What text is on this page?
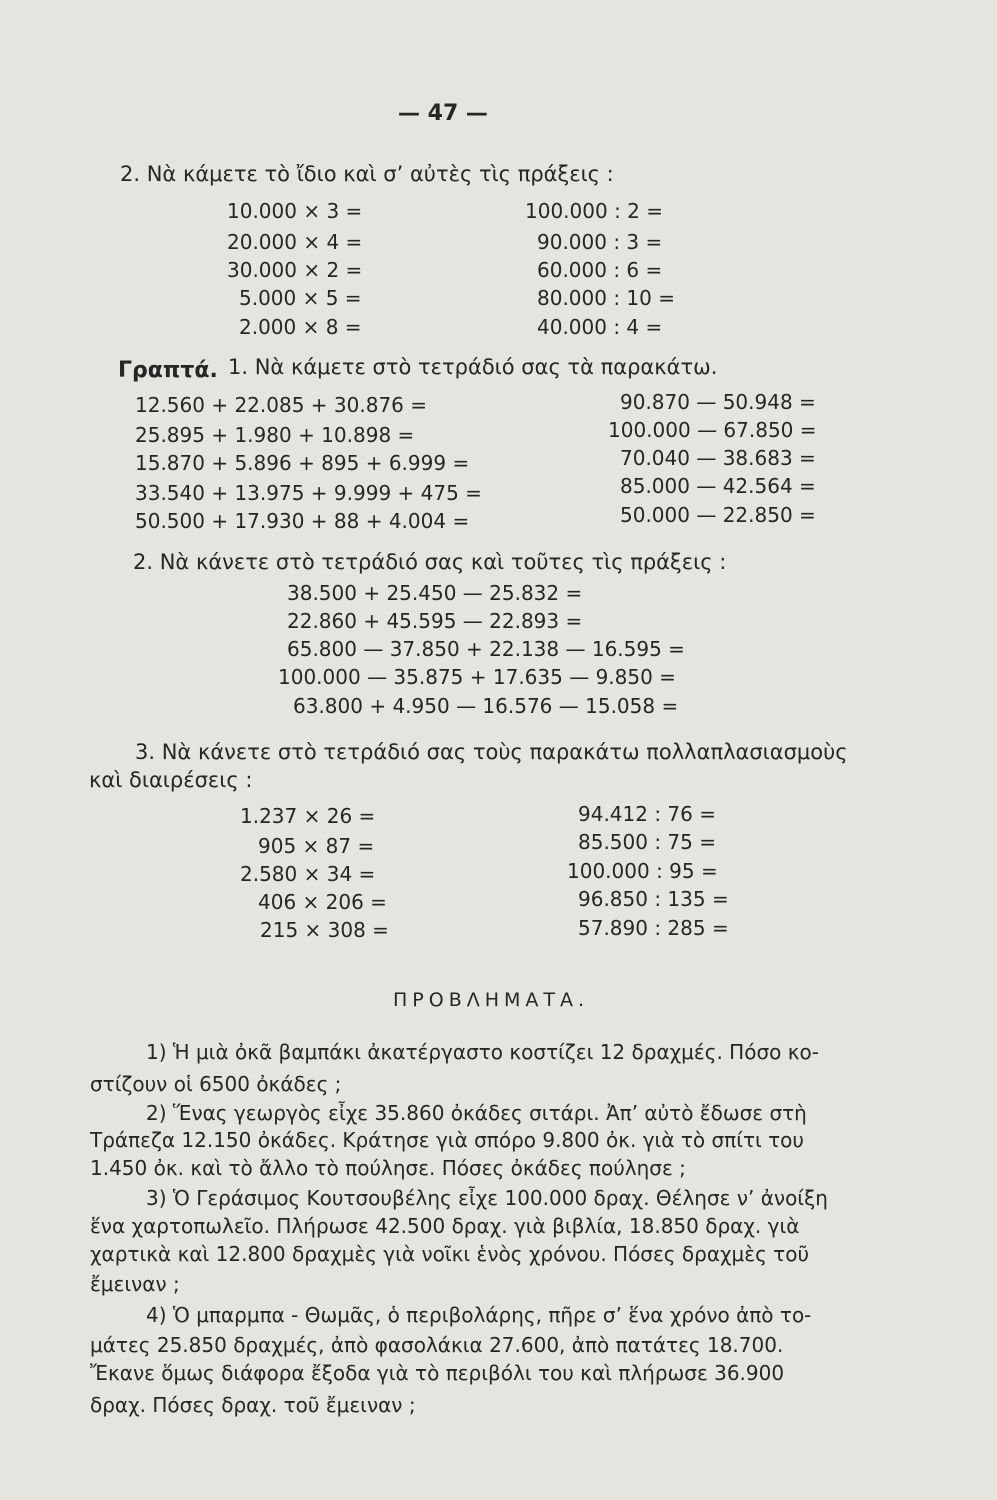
— 47 —
2. Νὰ κάμετε τὸ ἴδιο καὶ σ’ αὐτὲς τὶς πράξεις :
10.000 × 3 =
20.000 × 4 =
30.000 × 2 =
5.000 × 5 =
2.000 × 8 =
100.000 : 2 =
90.000 : 3 =
60.000 : 6 =
80.000 : 10 =
40.000 : 4 =
Γραπτά. 1. Νὰ κάμετε στὸ τετράδιό σας τὰ παρακάτω.
12.560 + 22.085 + 30.876 =
25.895 + 1.980 + 10.898 =
15.870 + 5.896 + 895 + 6.999 =
33.540 + 13.975 + 9.999 + 475 =
50.500 + 17.930 + 88 + 4.004 =
90.870 — 50.948 =
100.000 — 67.850 =
70.040 — 38.683 =
85.000 — 42.564 =
50.000 — 22.850 =
2. Νὰ κάνετε στὸ τετράδιό σας καὶ τοῦτες τὶς πράξεις :
38.500 + 25.450 — 25.832 =
22.860 + 45.595 — 22.893 =
65.800 — 37.850 + 22.138 — 16.595 =
100.000 — 35.875 + 17.635 — 9.850 =
63.800 + 4.950 — 16.576 — 15.058 =
3. Νὰ κάνετε στὸ τετράδιό σας τοὺς παρακάτω πολλαπλασιασμοὺς
καὶ διαιρέσεις :
1.237 × 26 =
905 × 87 =
2.580 × 34 =
406 × 206 =
215 × 308 =
94.412 : 76 =
85.500 : 75 =
100.000 : 95 =
96.850 : 135 =
57.890 : 285 =
ΠΡΟΒΛΗΜΑΤΑ.
1) Ἡ μιὰ ὀκᾶ βαμπάκι ἀκατέργαστο κοστίζει 12 δραχμές. Πόσο κο-
στίζουν οἱ 6500 ὀκάδες ;
2) Ἕνας γεωργὸς εἶχε 35.860 ὀκάδες σιτάρι. Ἀπ’ αὐτὸ ἔδωσε στὴ
Τράπεζα 12.150 ὀκάδες. Κράτησε γιὰ σπόρο 9.800 ὀκ. γιὰ τὸ σπίτι του
1.450 ὀκ. καὶ τὸ ἄλλο τὸ πούλησε. Πόσες ὀκάδες πούλησε ;
3) Ὁ Γεράσιμος Κουτσουβέλης εἶχε 100.000 δραχ. Θέλησε ν’ ἀνοίξη
ἕνα χαρτοπωλεῖο. Πλήρωσε 42.500 δραχ. γιὰ βιβλία, 18.850 δραχ. γιὰ
χαρτικὰ καὶ 12.800 δραχμὲς γιὰ νοῖκι ἑνὸς χρόνου. Πόσες δραχμὲς τοῦ
ἔμειναν ;
4) Ὁ μπαρμπα - Θωμᾶς, ὁ περιβολάρης, πῆρε σ’ ἕνα χρόνο ἀπὸ το-
μάτες 25.850 δραχμές, ἀπὸ φασολάκια 27.600, ἀπὸ πατάτες 18.700.
Ἔκανε ὅμως διάφορα ἔξοδα γιὰ τὸ περιβόλι του καὶ πλήρωσε 36.900
δραχ. Πόσες δραχ. τοῦ ἔμειναν ;
